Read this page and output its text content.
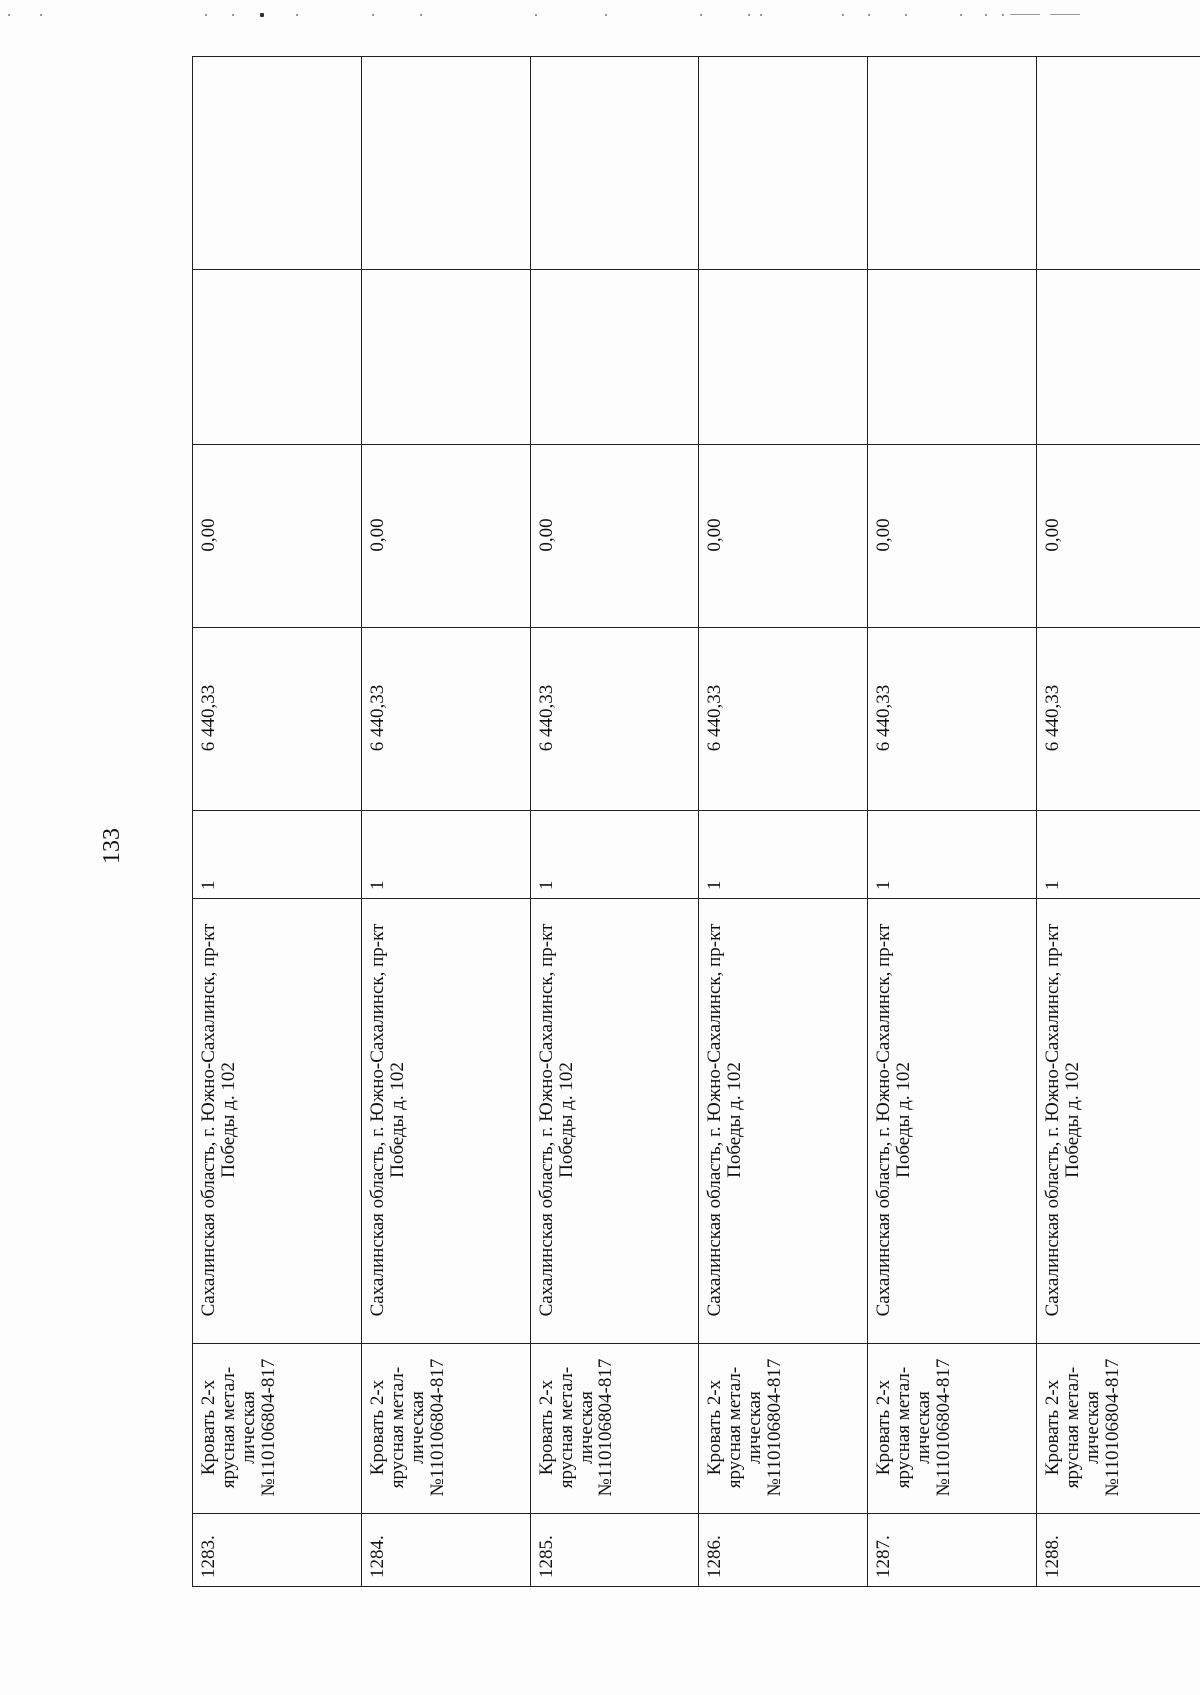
133
1283.	Кровать 2-х ярусная метал-лическая №110106804-817	Сахалинская область, г. Южно-Сахалинск, пр-кт Победы д. 102	1	6 440,33	0,00		
1284.	Кровать 2-х ярусная метал-лическая №110106804-817	Сахалинская область, г. Южно-Сахалинск, пр-кт Победы д. 102	1	6 440,33	0,00		
1285.	Кровать 2-х ярусная метал-лическая №110106804-817	Сахалинская область, г. Южно-Сахалинск, пр-кт Победы д. 102	1	6 440,33	0,00		
1286.	Кровать 2-х ярусная метал-лическая №110106804-817	Сахалинская область, г. Южно-Сахалинск, пр-кт Победы д. 102	1	6 440,33	0,00		
1287.	Кровать 2-х ярусная метал-лическая №110106804-817	Сахалинская область, г. Южно-Сахалинск, пр-кт Победы д. 102	1	6 440,33	0,00		
1288.	Кровать 2-х ярусная метал-лическая №110106804-817	Сахалинская область, г. Южно-Сахалинск, пр-кт Победы д. 102	1	6 440,33	0,00		
